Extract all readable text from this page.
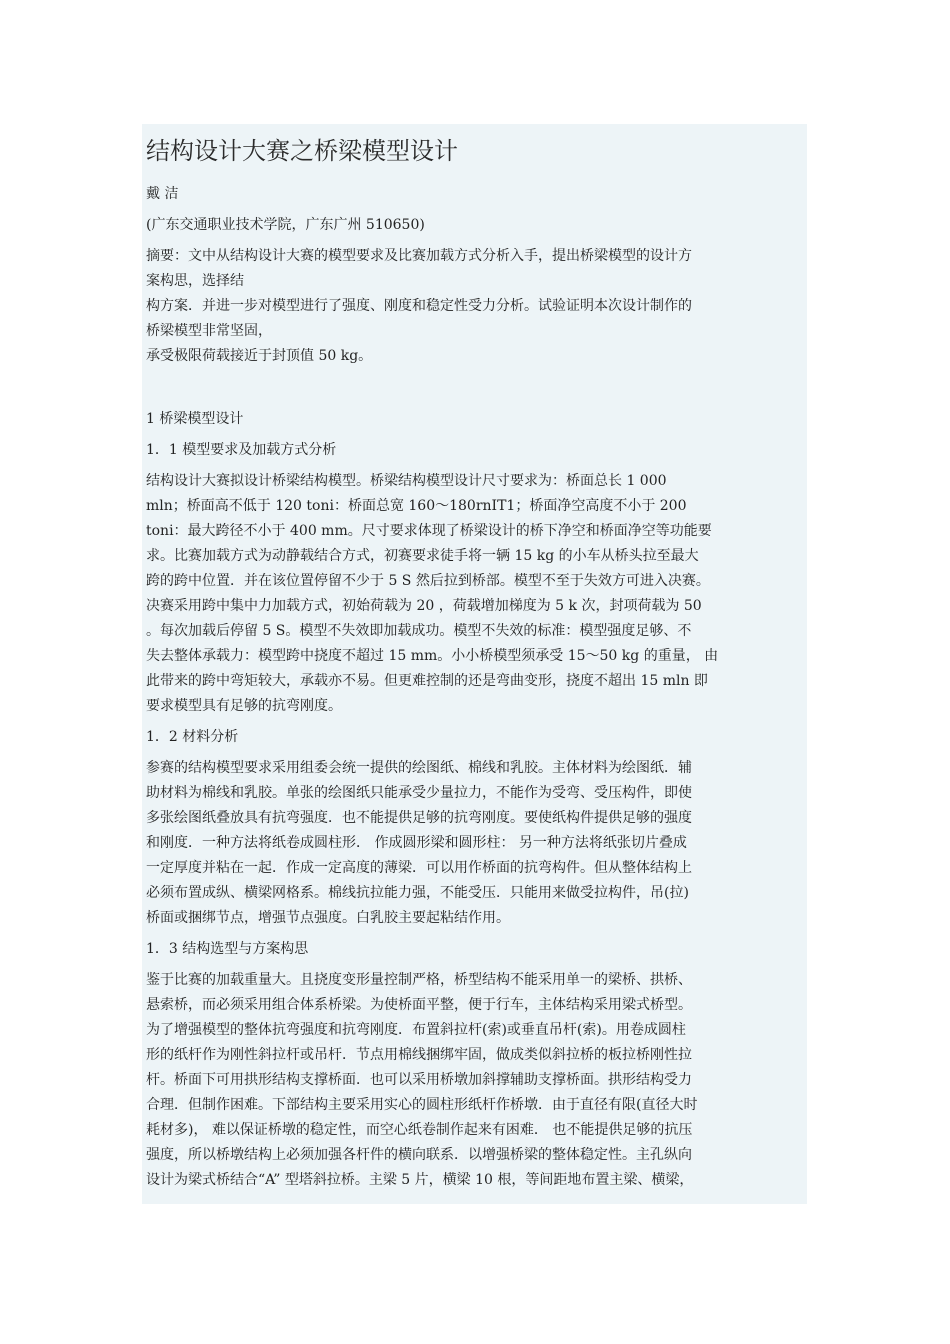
结构设计大赛之桥梁模型设计
戴 洁
(广东交通职业技术学院，广东广州 510650)
摘要：文中从结构设计大赛的模型要求及比赛加载方式分析入手，提出桥梁模型的设计方
案构思，选择结
构方案．并进一步对模型进行了强度、刚度和稳定性受力分析。试验证明本次设计制作的
桥梁模型非常坚固，
承受极限荷载接近于封顶值 50 kg。
1 桥梁模型设计
1．1 模型要求及加载方式分析
结构设计大赛拟设计桥梁结构模型。桥梁结构模型设计尺寸要求为：桥面总长 1 000
mln；桥面高不低于 120 toni：桥面总宽 160～180rnIT1；桥面净空高度不小于 200
toni：最大跨径不小于 400 mm。尺寸要求体现了桥梁设计的桥下净空和桥面净空等功能要
求。比赛加载方式为动静载结合方式，初赛要求徒手将一辆 15 kg 的小车从桥头拉至最大
跨的跨中位置．并在该位置停留不少于 5 S 然后拉到桥部。模型不至于失效方可进入决赛。
决赛采用跨中集中力加载方式，初始荷载为 20 ，荷载增加梯度为 5 k 次，封项荷载为 50
。每次加载后停留 5 S。模型不失效即加载成功。模型不失效的标准：模型强度足够、不
失去整体承载力：模型跨中挠度不超过 15 mm。小小桥模型须承受 15～50 kg 的重量， 由
此带来的跨中弯矩较大，承载亦不易。但更难控制的还是弯曲变形，挠度不超出 15 mln 即
要求模型具有足够的抗弯刚度。
1．2 材料分析
参赛的结构模型要求采用组委会统一提供的绘图纸、棉线和乳胶。主体材料为绘图纸．辅
助材料为棉线和乳胶。单张的绘图纸只能承受少量拉力，不能作为受弯、受压构件，即使
多张绘图纸叠放具有抗弯强度．也不能提供足够的抗弯刚度。要使纸构件提供足够的强度
和刚度．一种方法将纸卷成圆柱形． 作成圆形梁和圆形柱： 另一种方法将纸张切片叠成
一定厚度并粘在一起．作成一定高度的薄梁．可以用作桥面的抗弯构件。但从整体结构上
必须布置成纵、横梁网格系。棉线抗拉能力强，不能受压．只能用来做受拉构件，吊(拉)
桥面或捆绑节点，增强节点强度。白乳胶主要起粘结作用。
1．3 结构选型与方案构思
鉴于比赛的加载重量大。且挠度变形量控制严格，桥型结构不能采用单一的梁桥、拱桥、
悬索桥，而必须采用组合体系桥梁。为使桥面平整，便于行车，主体结构采用梁式桥型。
为了增强模型的整体抗弯强度和抗弯刚度．布置斜拉杆(索)或垂直吊杆(索)。用卷成圆柱
形的纸杆作为刚性斜拉杆或吊杆．节点用棉线捆绑牢固，做成类似斜拉桥的板拉桥刚性拉
杆。桥面下可用拱形结构支撑桥面．也可以采用桥墩加斜撑辅助支撑桥面。拱形结构受力
合理．但制作困难。下部结构主要采用实心的圆柱形纸杆作桥墩．由于直径有限(直径大时
耗材多)， 难以保证桥墩的稳定性，而空心纸卷制作起来有困难． 也不能提供足够的抗压
强度，所以桥墩结构上必须加强各杆件的横向联系．以增强桥梁的整体稳定性。主孔纵向
设计为梁式桥结合“A” 型塔斜拉桥。主梁 5 片，横梁 10 根，等间距地布置主梁、横梁，
